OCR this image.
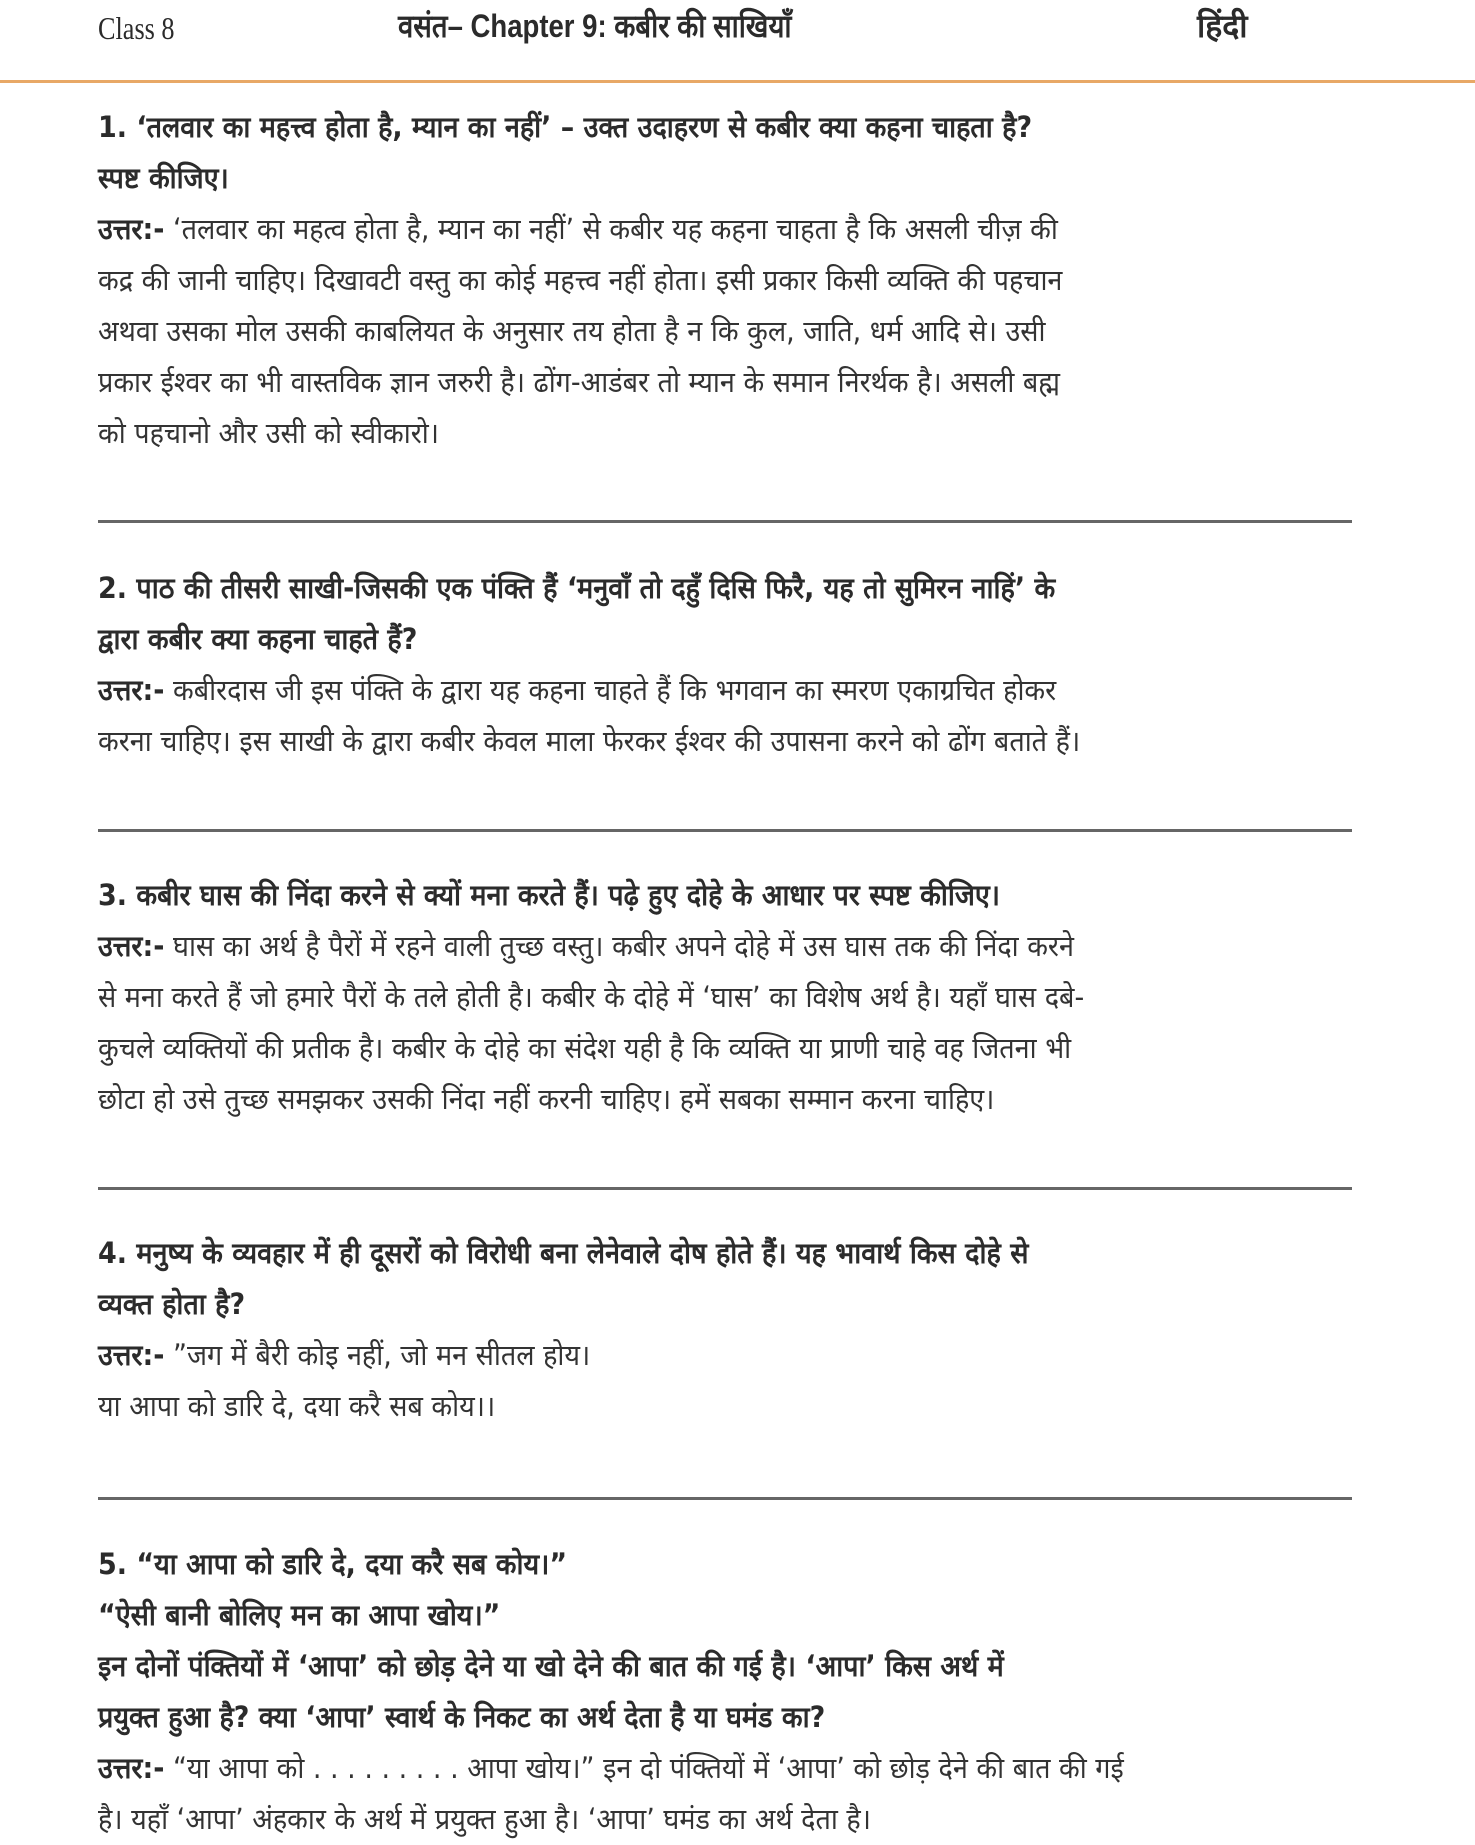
Class 8	वसंत– Chapter 9: कबीर की साखियाँ	हिंदी
1. ‘तलवार का महत्त्व होता है, म्यान का नहीं’ – उक्त उदाहरण से कबीर क्या कहना चाहता है?
स्पष्ट कीजिए।
उत्तर:- ‘तलवार का महत्व होता है, म्यान का नहीं’ से कबीर यह कहना चाहता है कि असली चीज़ की
कद्र की जानी चाहिए। दिखावटी वस्तु का कोई महत्त्व नहीं होता। इसी प्रकार किसी व्यक्ति की पहचान
अथवा उसका मोल उसकी काबलियत के अनुसार तय होता है न कि कुल, जाति, धर्म आदि से। उसी
प्रकार ईश्वर का भी वास्तविक ज्ञान जरुरी है। ढोंग-आडंबर तो म्यान के समान निरर्थक है। असली बह्म
को पहचानो और उसी को स्वीकारो।
2. पाठ की तीसरी साखी-जिसकी एक पंक्ति हैं ‘मनुवाँ तो दहुँ दिसि फिरै, यह तो सुमिरन नाहिं’ के
द्वारा कबीर क्या कहना चाहते हैं?
उत्तर:- कबीरदास जी इस पंक्ति के द्वारा यह कहना चाहते हैं कि भगवान का स्मरण एकाग्रचित होकर
करना चाहिए। इस साखी के द्वारा कबीर केवल माला फेरकर ईश्वर की उपासना करने को ढोंग बताते हैं।
3. कबीर घास की निंदा करने से क्यों मना करते हैं। पढ़े हुए दोहे के आधार पर स्पष्ट कीजिए।
उत्तर:- घास का अर्थ है पैरों में रहने वाली तुच्छ वस्तु। कबीर अपने दोहे में उस घास तक की निंदा करने
से मना करते हैं जो हमारे पैरों के तले होती है। कबीर के दोहे में ‘घास’ का विशेष अर्थ है। यहाँ घास दबे-
कुचले व्यक्तियों की प्रतीक है। कबीर के दोहे का संदेश यही है कि व्यक्ति या प्राणी चाहे वह जितना भी
छोटा हो उसे तुच्छ समझकर उसकी निंदा नहीं करनी चाहिए। हमें सबका सम्मान करना चाहिए।
4. मनुष्य के व्यवहार में ही दूसरों को विरोधी बना लेनेवाले दोष होते हैं। यह भावार्थ किस दोहे से
व्यक्त होता है?
उत्तर:- ”जग में बैरी कोइ नहीं, जो मन सीतल होय।
या आपा को डारि दे, दया करै सब कोय।।
5. “या आपा को डारि दे, दया करै सब कोय।”
“ऐसी बानी बोलिए मन का आपा खोय।”
इन दोनों पंक्तियों में ‘आपा’ को छोड़ देने या खो देने की बात की गई है। ‘आपा’ किस अर्थ में
प्रयुक्त हुआ है? क्या ‘आपा’ स्वार्थ के निकट का अर्थ देता है या घमंड का?
उत्तर:- “या आपा को . . . . . . . . . आपा खोय।” इन दो पंक्तियों में ‘आपा’ को छोड़ देने की बात की गई
है। यहाँ ‘आपा’ अंहकार के अर्थ में प्रयुक्त हुआ है। ‘आपा’ घमंड का अर्थ देता है।
